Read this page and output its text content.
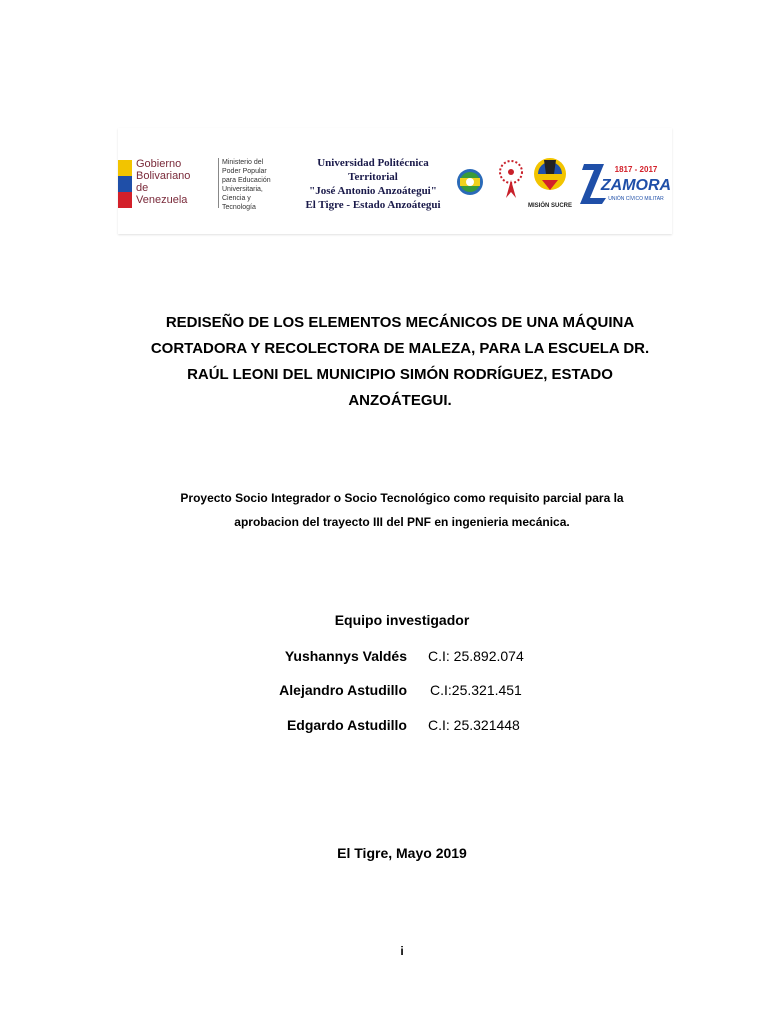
Gobierno Bolivariano de Venezuela
Ministerio del Poder Popular para Educación Universitaria, Ciencia y Tecnología
Universidad Politécnica Territorial
"José Antonio Anzoátegui"
El Tigre - Estado Anzoátegui	MISIÓN SUCRE
1817 - 2017
ZAMORA
UNIÓN CÍVICO MILITAR
REDISEÑO DE LOS ELEMENTOS MECÁNICOS DE UNA MÁQUINA CORTADORA Y RECOLECTORA DE MALEZA, PARA LA ESCUELA DR. RAÚL LEONI DEL MUNICIPIO SIMÓN RODRÍGUEZ, ESTADO ANZOÁTEGUI.
Proyecto Socio Integrador o Socio Tecnológico como requisito parcial para la aprobacion del trayecto III del PNF en ingenieria mecánica.
Equipo investigador
Yushannys Valdés C.I: 25.892.074
Alejandro Astudillo C.I:25.321.451
Edgardo Astudillo C.I: 25.321448
El Tigre, Mayo 2019
i
